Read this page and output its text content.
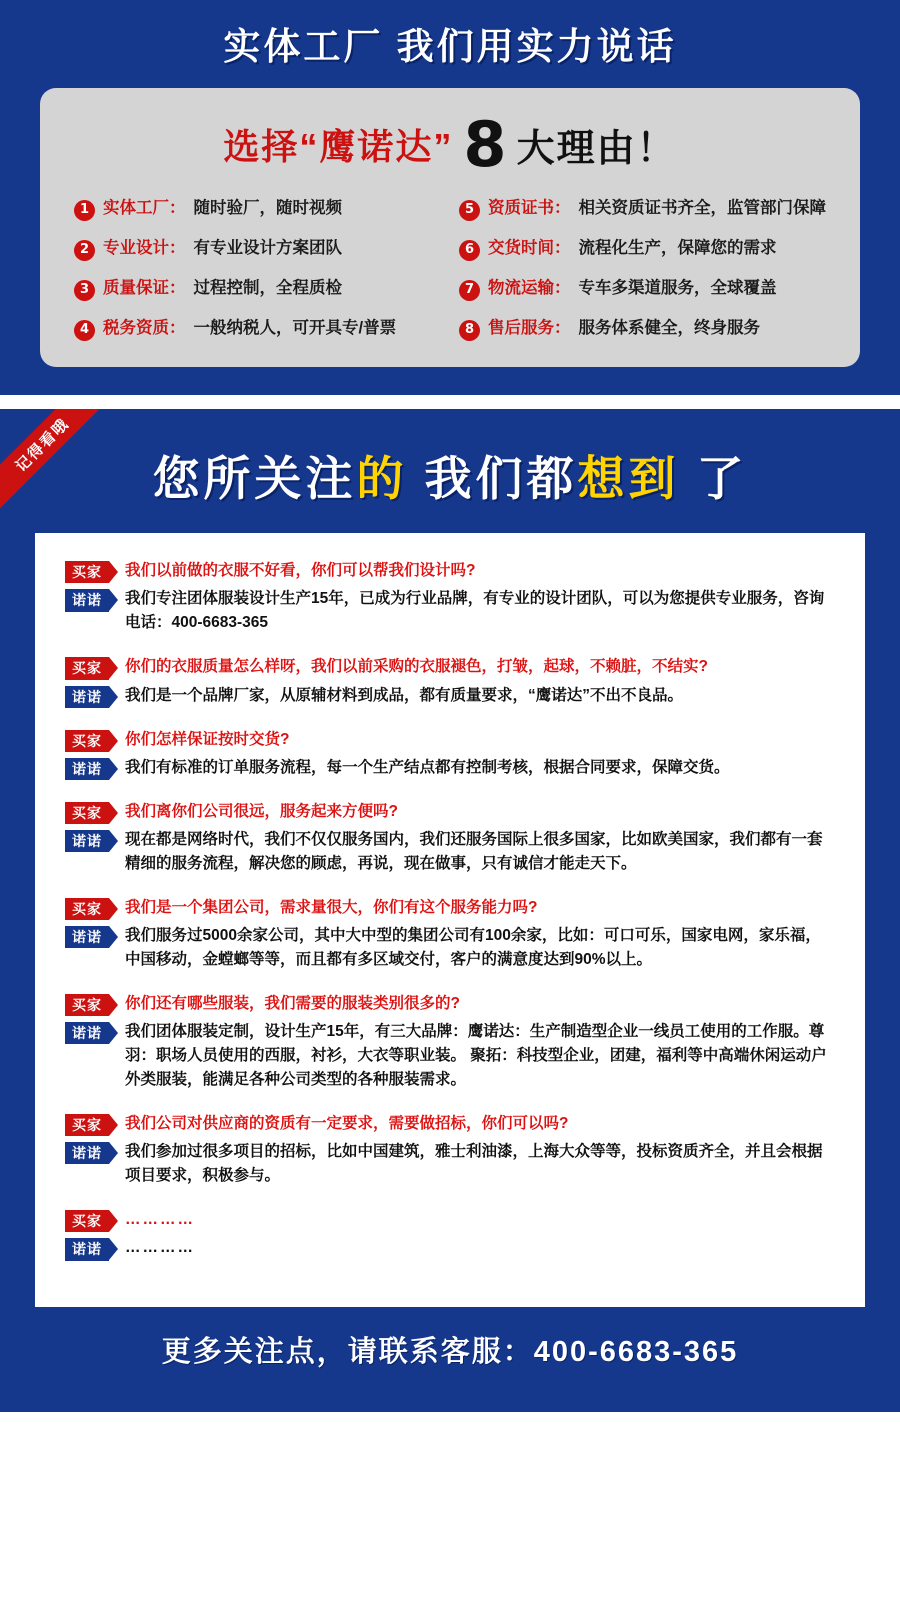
实体工厂 我们用实力说话
选择“鹰诺达” 8 大理由！
1 实体工厂： 随时验厂，随时视频	5 资质证书： 相关资质证书齐全，监管部门保障
2 专业设计： 有专业设计方案团队	6 交货时间： 流程化生产，保障您的需求
3 质量保证： 过程控制，全程质检	7 物流运输： 专车多渠道服务，全球覆盖
4 税务资质： 一般纳税人，可开具专/普票	8 售后服务： 服务体系健全，终身服务
记得看哦
您所关注的 我们都想到 了
买家	我们以前做的衣服不好看，你们可以帮我们设计吗?
诺诺	我们专注团体服装设计生产15年，已成为行业品牌，有专业的设计团队，可以为您提供专业服务，咨询电话：400-6683-365
买家	你们的衣服质量怎么样呀，我们以前采购的衣服褪色，打皱，起球，不赖脏，不结实?
诺诺	我们是一个品牌厂家，从原辅材料到成品，都有质量要求，“鹰诺达”不出不良品。
买家	你们怎样保证按时交货?
诺诺	我们有标准的订单服务流程，每一个生产结点都有控制考核，根据合同要求，保障交货。
买家	我们离你们公司很远，服务起来方便吗?
诺诺	现在都是网络时代，我们不仅仅服务国内，我们还服务国际上很多国家，比如欧美国家，我们都有一套精细的服务流程，解决您的顾虑，再说，现在做事，只有诚信才能走天下。
买家	我们是一个集团公司，需求量很大，你们有这个服务能力吗?
诺诺	我们服务过5000余家公司，其中大中型的集团公司有100余家，比如：可口可乐，国家电网，家乐福，中国移动，金螳螂等等，而且都有多区域交付，客户的满意度达到90%以上。
买家	你们还有哪些服装，我们需要的服装类别很多的?
诺诺	我们团体服装定制，设计生产15年，有三大品牌：鹰诺达：生产制造型企业一线员工使用的工作服。尊羽：职场人员使用的西服，衬衫，大衣等职业装。 聚拓：科技型企业，团建，福利等中高端休闲运动户外类服装，能满足各种公司类型的各种服装需求。
买家	我们公司对供应商的资质有一定要求，需要做招标，你们可以吗?
诺诺	我们参加过很多项目的招标，比如中国建筑，雅士利油漆，上海大众等等，投标资质齐全，并且会根据项目要求，积极参与。
买家	…………
诺诺	…………
更多关注点，请联系客服：400-6683-365
